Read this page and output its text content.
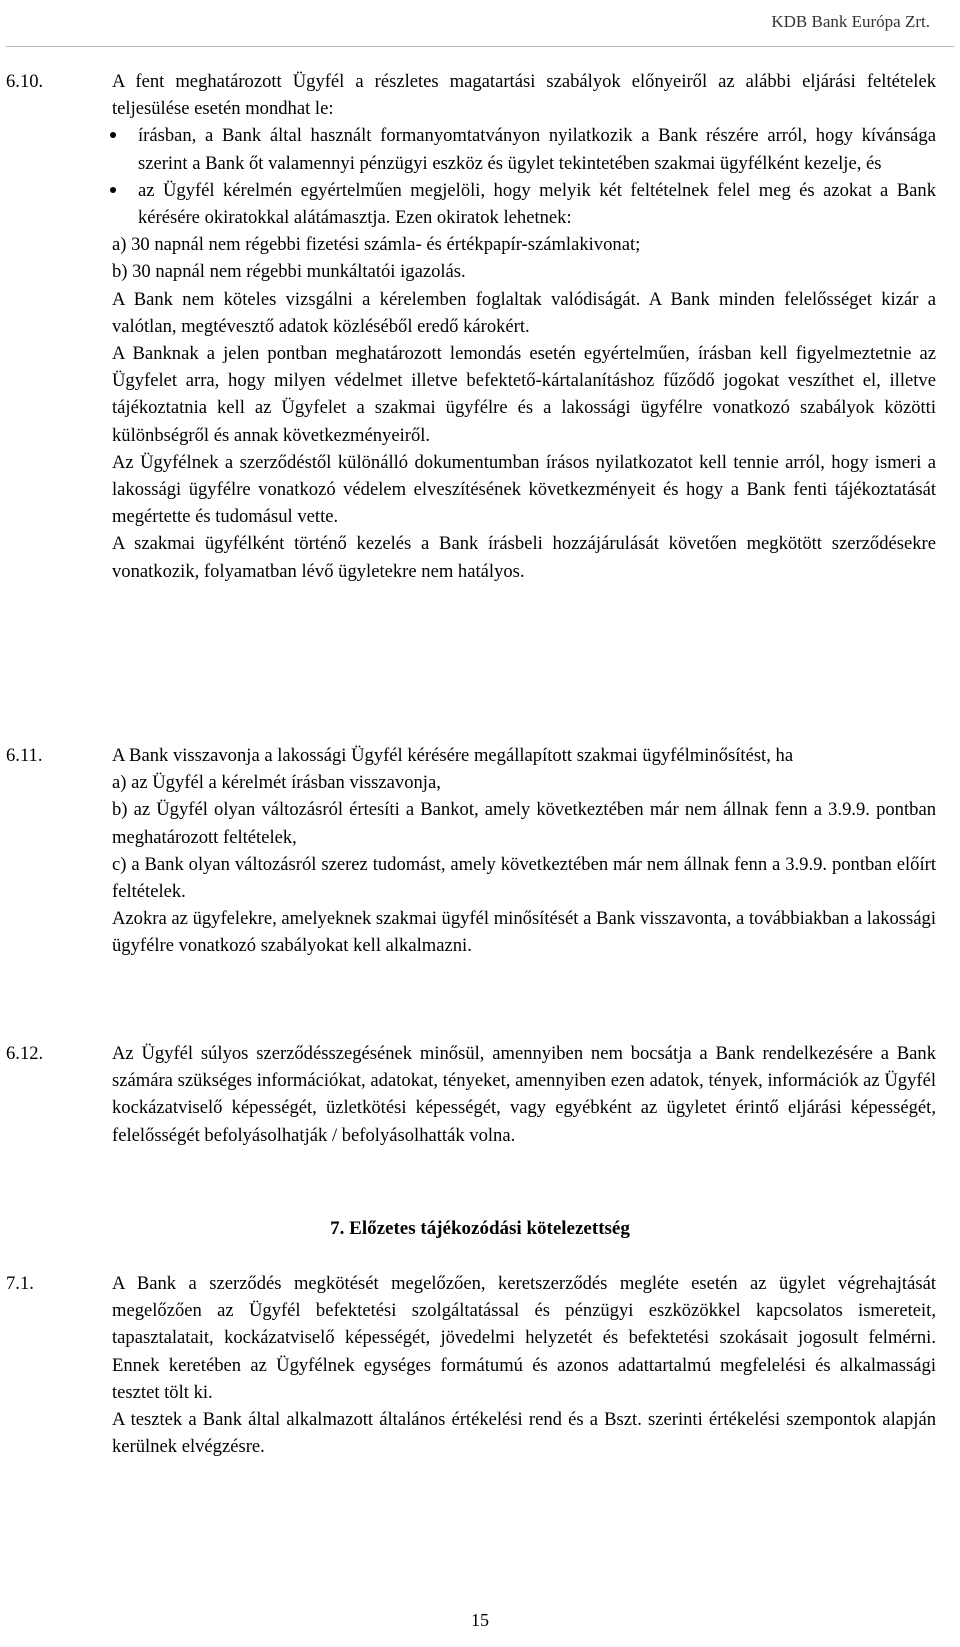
KDB Bank Európa Zrt.
6.10.	A fent meghatározott Ügyfél a részletes magatartási szabályok előnyeiről az alábbi eljárási feltételek teljesülése esetén mondhat le:

írásban, a Bank által használt formanyomtatványon nyilatkozik a Bank részére arról, hogy kívánsága szerint a Bank őt valamennyi pénzügyi eszköz és ügylet tekintetében szakmai ügyfélként kezelje, és
az Ügyfél kérelmén egyértelműen megjelöli, hogy melyik két feltételnek felel meg és azokat a Bank kérésére okiratokkal alátámasztja. Ezen okiratok lehetnek:

a) 30 napnál nem régebbi fizetési számla- és értékpapír-számlakivonat;

b) 30 napnál nem régebbi munkáltatói igazolás.

A Bank nem köteles vizsgálni a kérelemben foglaltak valódiságát. A Bank minden felelősséget kizár a valótlan, megtévesztő adatok közléséből eredő károkért.

A Banknak a jelen pontban meghatározott lemondás esetén egyértelműen, írásban kell figyelmeztetnie az Ügyfelet arra, hogy milyen védelmet illetve befektető-kártalanításhoz fűződő jogokat veszíthet el, illetve tájékoztatnia kell az Ügyfelet a szakmai ügyfélre és a lakossági ügyfélre vonatkozó szabályok közötti különbségről és annak következményeiről.

Az Ügyfélnek a szerződéstől különálló dokumentumban írásos nyilatkozatot kell tennie arról, hogy ismeri a lakossági ügyfélre vonatkozó védelem elveszítésének következményeit és hogy a Bank fenti tájékoztatását megértette és tudomásul vette.

A szakmai ügyfélként történő kezelés a Bank írásbeli hozzájárulását követően megkötött szerződésekre vonatkozik, folyamatban lévő ügyletekre nem hatályos.

6.11.	A Bank visszavonja a lakossági Ügyfél kérésére megállapított szakmai ügyfélminősítést, ha

a) az Ügyfél a kérelmét írásban visszavonja,

b) az Ügyfél olyan változásról értesíti a Bankot, amely következtében már nem állnak fenn a 3.9.9. pontban meghatározott feltételek,

c) a Bank olyan változásról szerez tudomást, amely következtében már nem állnak fenn a 3.9.9. pontban előírt feltételek.

Azokra az ügyfelekre, amelyeknek szakmai ügyfél minősítését a Bank visszavonta, a továbbiakban a lakossági ügyfélre vonatkozó szabályokat kell alkalmazni.

6.12.	Az Ügyfél súlyos szerződésszegésének minősül, amennyiben nem bocsátja a Bank rendelkezésére a Bank számára szükséges információkat, adatokat, tényeket, amennyiben ezen adatok, tények, információk az Ügyfél kockázatviselő képességét, üzletkötési képességét, vagy egyébként az ügyletet érintő eljárási képességét, felelősségét befolyásolhatják / befolyásolhatták volna.

7. Előzetes tájékozódási kötelezettség
7.1.	A Bank a szerződés megkötését megelőzően, keretszerződés megléte esetén az ügylet végrehajtását megelőzően az Ügyfél befektetési szolgáltatással és pénzügyi eszközökkel kapcsolatos ismereteit, tapasztalatait, kockázatviselő képességét, jövedelmi helyzetét és befektetési szokásait jogosult felmérni. Ennek keretében az Ügyfélnek egységes formátumú és azonos adattartalmú megfelelési és alkalmassági tesztet tölt ki.

A tesztek a Bank által alkalmazott általános értékelési rend és a Bszt. szerinti értékelési szempontok alapján kerülnek elvégzésre.

15
